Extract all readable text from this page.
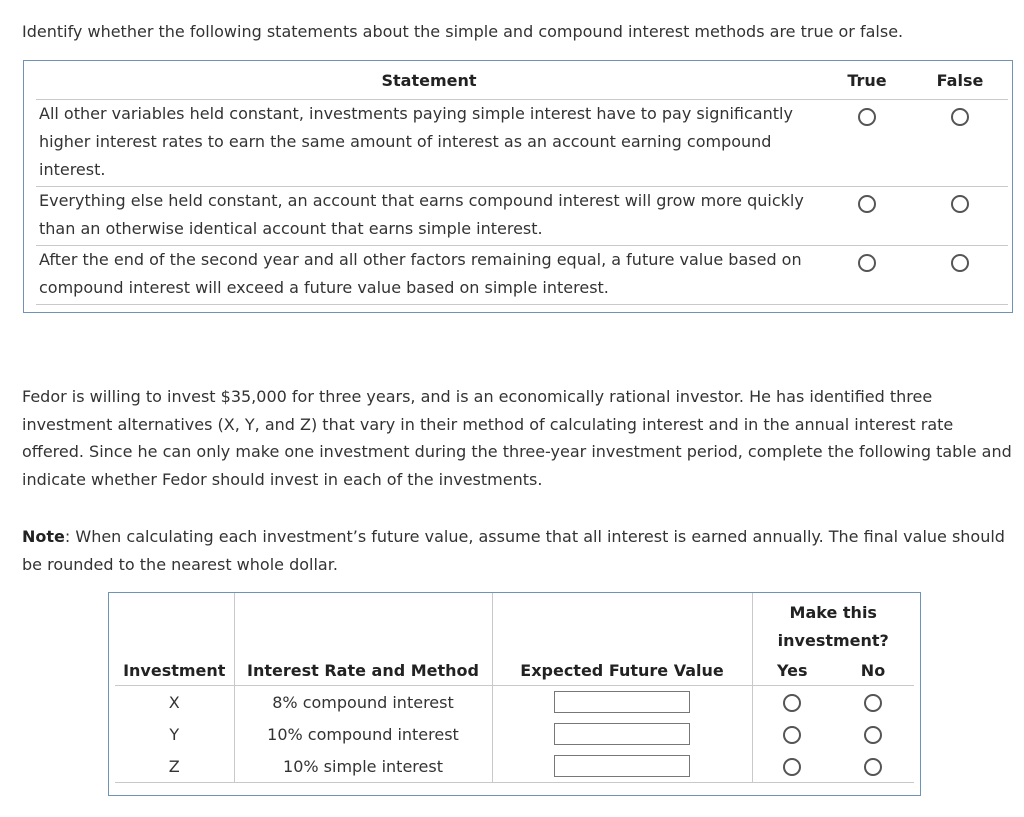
Identify whether the following statements about the simple and compound interest methods are true or false.
Statement	True	False
All other variables held constant, investments paying simple interest have to pay significantly higher interest rates to earn the same amount of interest as an account earning compound interest.		
Everything else held constant, an account that earns compound interest will grow more quickly than an otherwise identical account that earns simple interest.		
After the end of the second year and all other factors remaining equal, a future value based on compound interest will exceed a future value based on simple interest.		
Fedor is willing to invest $35,000 for three years, and is an economically rational investor. He has identified three investment alternatives (X, Y, and Z) that vary in their method of calculating interest and in the annual interest rate offered. Since he can only make one investment during the three-year investment period, complete the following table and indicate whether Fedor should invest in each of the investments.
Note: When calculating each investment’s future value, assume that all interest is earned annually. The final value should be rounded to the nearest whole dollar.
			Make this investment?	
Investment	Interest Rate and Method	Expected Future Value	Yes	No
X	8% compound interest			
Y	10% compound interest			
Z	10% simple interest			
